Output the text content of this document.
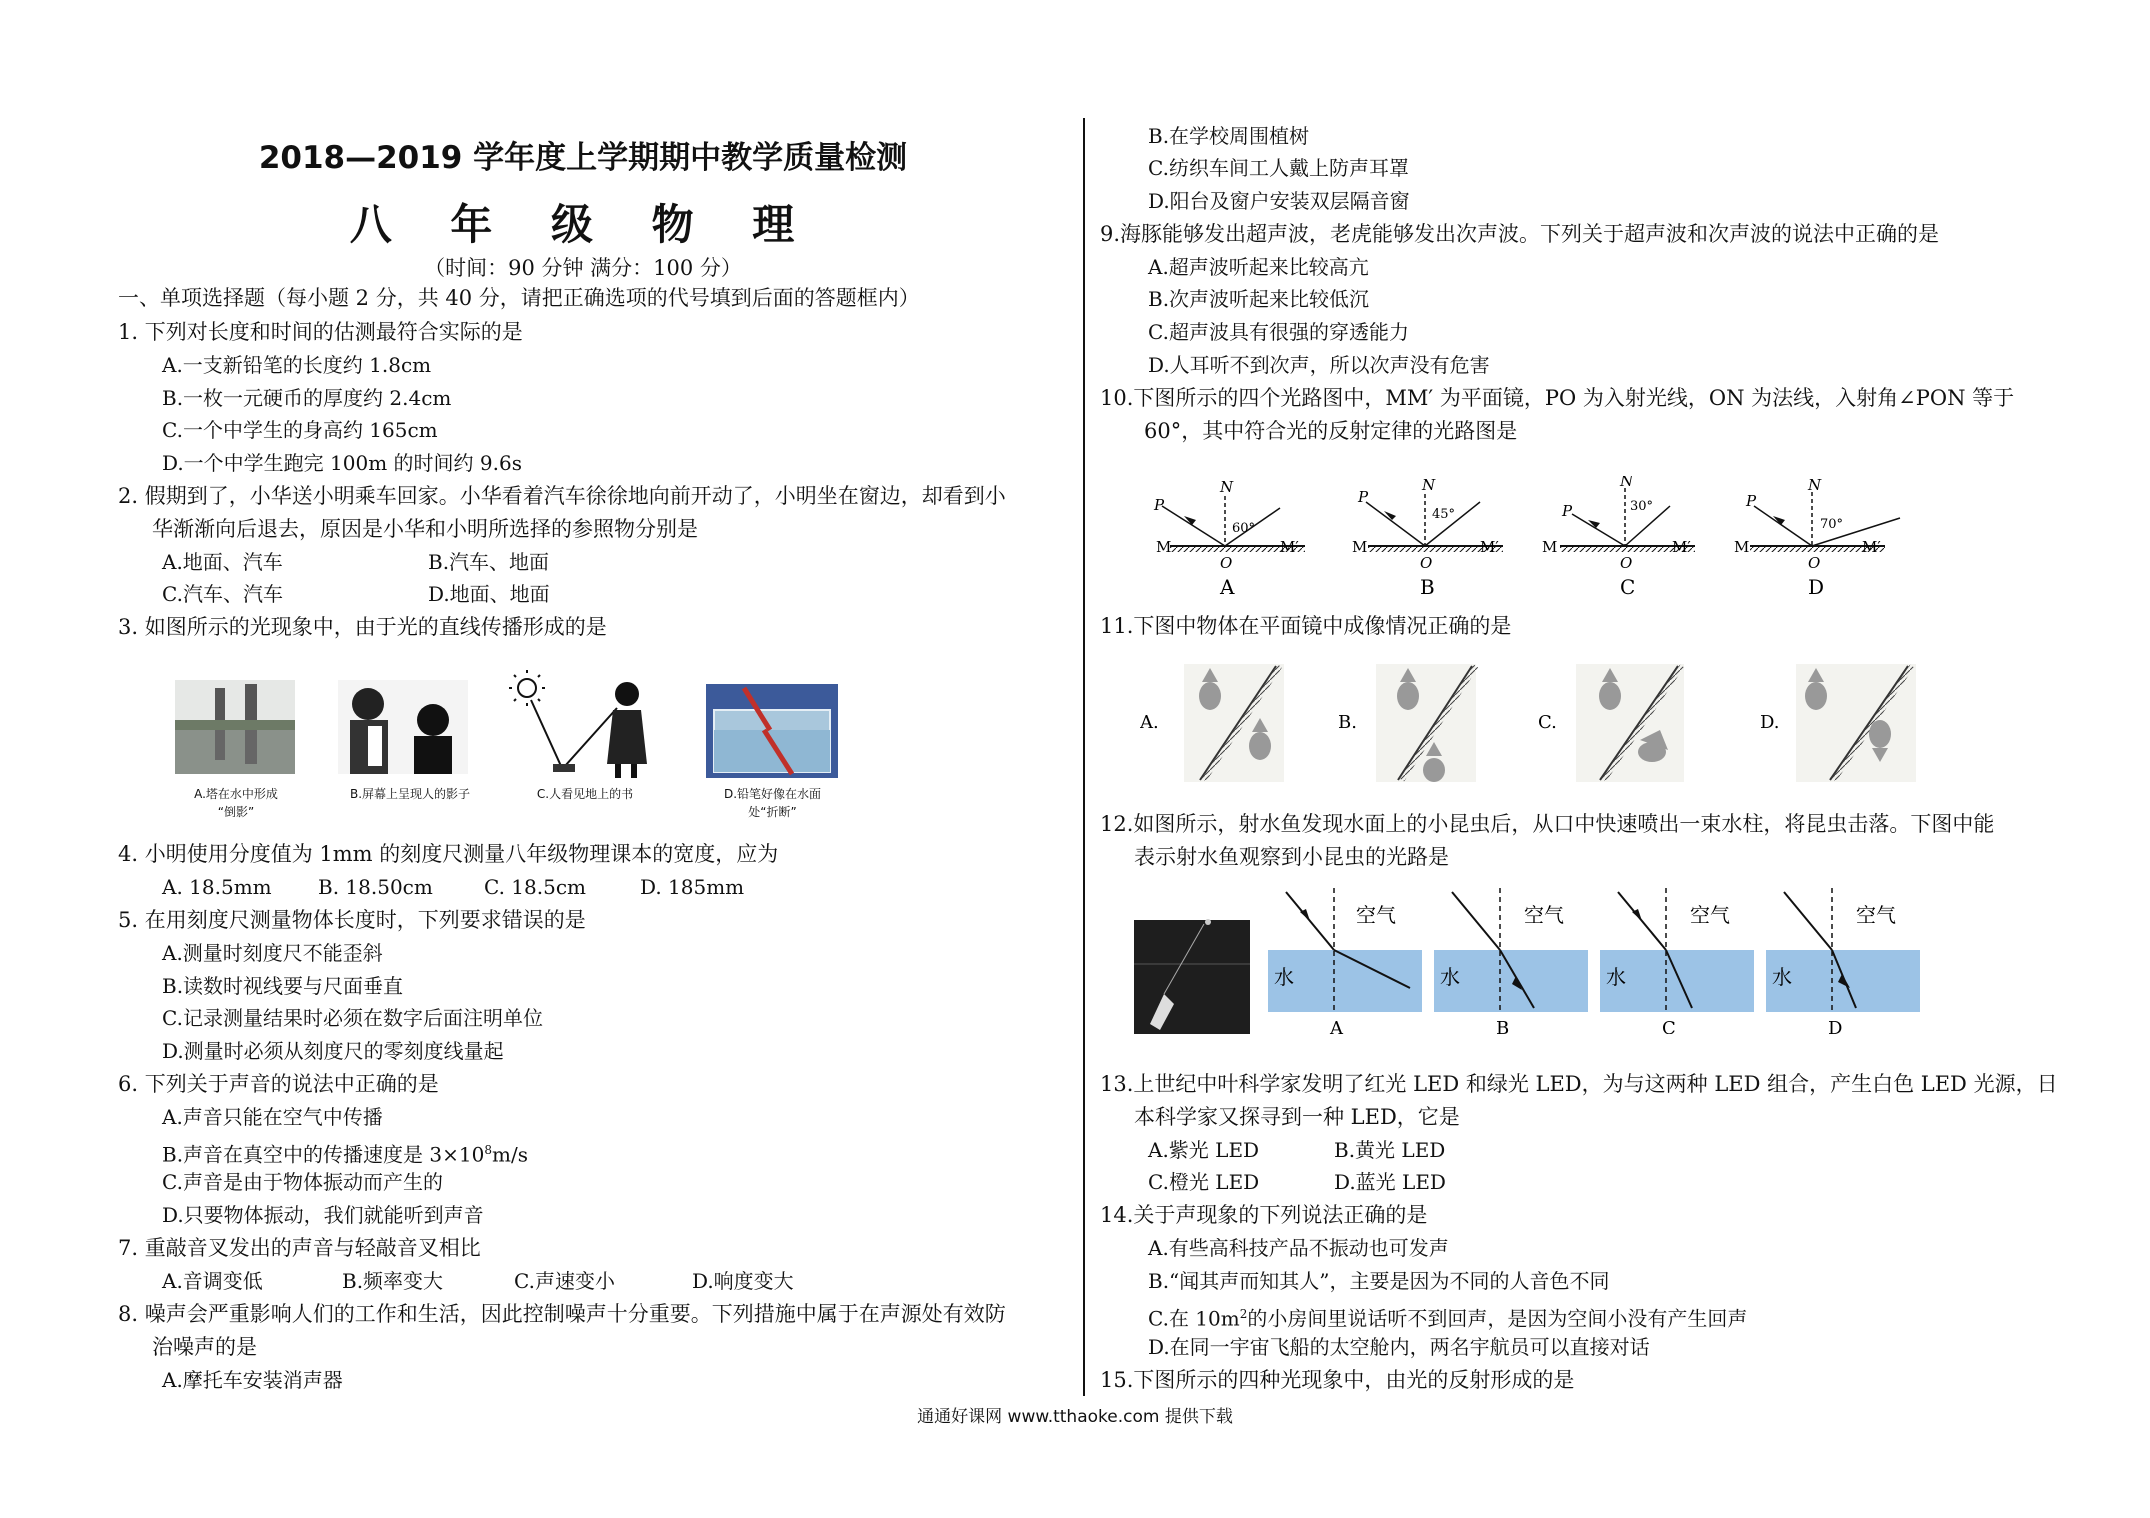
2018—2019 学年度上学期期中教学质量检测
八 年 级 物 理
（时间：90 分钟 满分：100 分）
一、单项选择题（每小题 2 分，共 40 分，请把正确选项的代号填到后面的答题框内）
1. 下列对长度和时间的估测最符合实际的是
A.一支新铅笔的长度约 1.8cm
B.一枚一元硬币的厚度约 2.4cm
C.一个中学生的身高约 165cm
D.一个中学生跑完 100m 的时间约 9.6s
2. 假期到了，小华送小明乘车回家。小华看着汽车徐徐地向前开动了，小明坐在窗边，却看到小
华渐渐向后退去，原因是小华和小明所选择的参照物分别是
A.地面、汽车	B.汽车、地面
C.汽车、汽车	D.地面、地面
3. 如图所示的光现象中，由于光的直线传播形成的是
A.塔在水中形成
“倒影”
B.屏幕上呈现人的影子	C.人看见地上的书	D.铅笔好像在水面
处“折断”
4. 小明使用分度值为 1mm 的刻度尺测量八年级物理课本的宽度，应为
A. 18.5mm B. 18.50cm	C. 18.5cm	D. 185mm
5. 在用刻度尺测量物体长度时，下列要求错误的是
A.测量时刻度尺不能歪斜
B.读数时视线要与尺面垂直
C.记录测量结果时必须在数字后面注明单位
D.测量时必须从刻度尺的零刻度线量起
6. 下列关于声音的说法中正确的是
A.声音只能在空气中传播
B.声音在真空中的传播速度是 $3\times 10^8m/s$
C.声音是由于物体振动而产生的
D.只要物体振动，我们就能听到声音
7. 重敲音叉发出的声音与轻敲音叉相比
A.音调变低	B.频率变大	C.声速变小	D.响度变大
8. 噪声会严重影响人们的工作和生活，因此控制噪声十分重要。下列措施中属于在声源处有效防
治噪声的是
A.摩托车安装消声器
B.在学校周围植树
C.纺织车间工人戴上防声耳罩
D.阳台及窗户安装双层隔音窗
9.海豚能够发出超声波，老虎能够发出次声波。下列关于超声波和次声波的说法中正确的是
A.超声波听起来比较高亢
B.次声波听起来比较低沉
C.超声波具有很强的穿透能力
D.人耳听不到次声，所以次声没有危害
10.下图所示的四个光路图中，MM′ 为平面镜，PO 为入射光线，ON 为法线，入射角∠PON 等于
60°，其中符合光的反射定律的光路图是
P
N
60°
M	M′
O
A
P
N
45°
M	M′
O
B
P
N
30°
M	M′
O
C
P
N
70°
M	M′
O
D
11.下图中物体在平面镜中成像情况正确的是
A.	B.	C.	D.
12.如图所示，射水鱼发现水面上的小昆虫后，从口中快速喷出一束水柱，将昆虫击落。下图中能
表示射水鱼观察到小昆虫的光路是
空气
水
A
空气
水
B
空气
水
C
空气
水
D
13.上世纪中叶科学家发明了红光 LED 和绿光 LED，为与这两种 LED 组合，产生白色 LED 光源，日
本科学家又探寻到一种 LED，它是
A.紫光 LED	B.黄光 LED
C.橙光 LED	D.蓝光 LED
14.关于声现象的下列说法正确的是
A.有些高科技产品不振动也可发声
B.“闻其声而知其人”，主要是因为不同的人音色不同
C.在 $10m^2$的小房间里说话听不到回声，是因为空间小没有产生回声
D.在同一宇宙飞船的太空舱内，两名宇航员可以直接对话
15.下图所示的四种光现象中，由光的反射形成的是
通通好课网 www.tthaoke.com 提供下载
